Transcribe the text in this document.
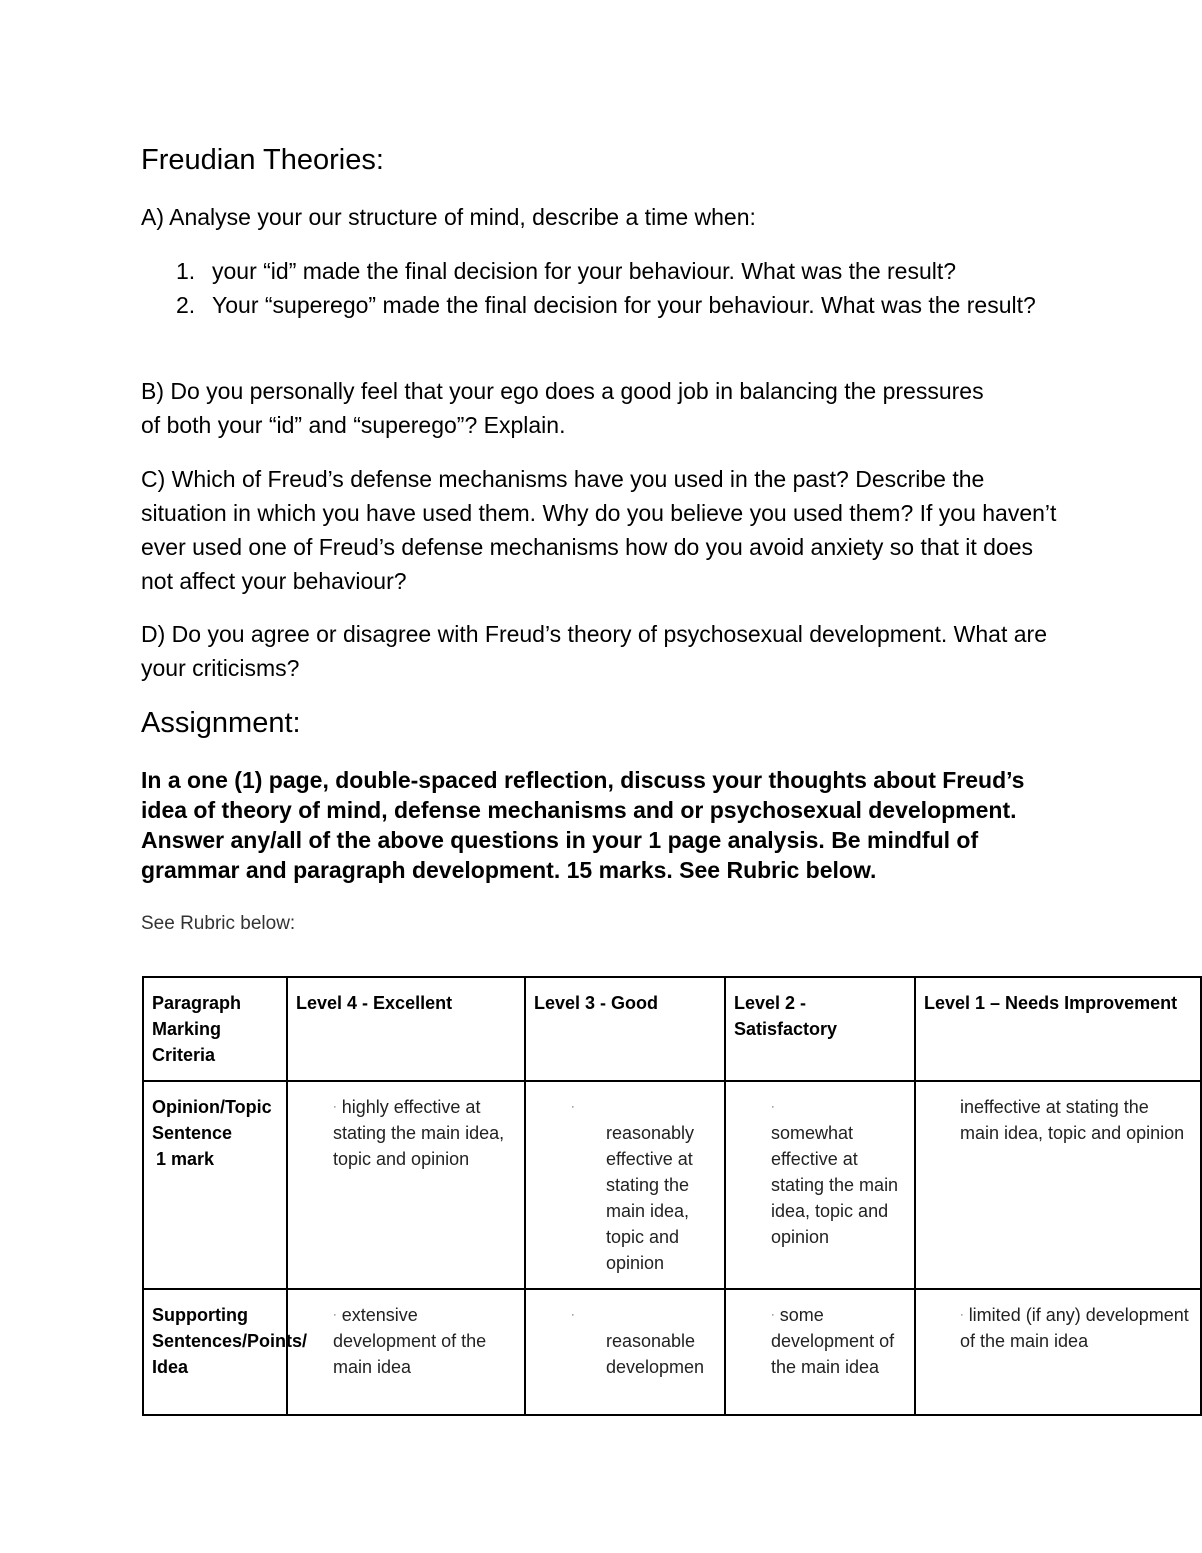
Freudian Theories:

A) Analyse your our structure of mind, describe a time when:

1. your “id” made the final decision for your behaviour. What was the result?
2. Your “superego” made the final decision for your behaviour. What was the result?

B) Do you personally feel that your ego does a good job in balancing the pressures of both your “id” and “superego”? Explain.

C) Which of Freud’s defense mechanisms have you used in the past? Describe the situation in which you have used them. Why do you believe you used them? If you haven’t ever used one of Freud’s defense mechanisms how do you avoid anxiety so that it does not affect your behaviour?

D) Do you agree or disagree with Freud’s theory of psychosexual development. What are your criticisms?

Assignment:

In a one (1) page, double-spaced reflection, discuss your thoughts about Freud’s idea of theory of mind, defense mechanisms and or psychosexual development. Answer any/all of the above questions in your 1 page analysis. Be mindful of grammar and paragraph development. 15 marks. See Rubric below.

See Rubric below:

Paragraph Marking Criteria	Level 4 - Excellent	Level 3 - Good	Level 2 - Satisfactory	Level 1 – Needs Improvement

Opinion/Topic Sentence
1 mark	· highly effective at stating the main idea, topic and opinion	·
reasonably effective at stating the main idea, topic and opinion	·
somewhat effective at stating the main idea, topic and opinion	ineffective at stating the main idea, topic and opinion
Supporting Sentences/Points/ Idea	· extensive development of the main idea	·
reasonable developmen	· some development of the main idea	· limited (if any) development of the main idea
